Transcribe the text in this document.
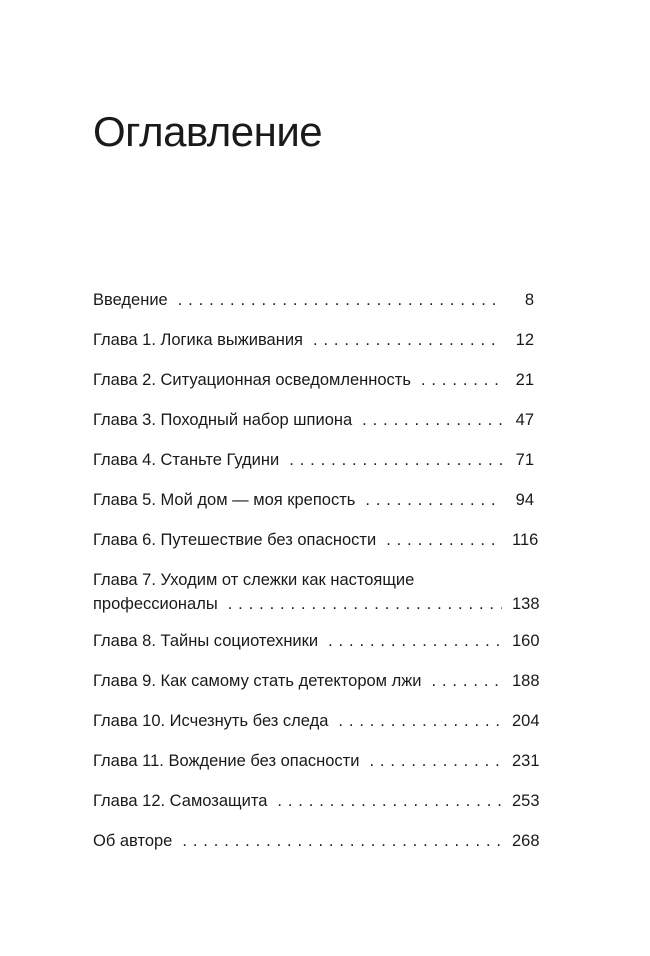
Оглавление
Введение . . .	8
Глава 1. Логика выживания . . .	12
Глава 2. Ситуационная осведомленность . . .	21
Глава 3. Походный набор шпиона . . .	47
Глава 4. Станьте Гудини . . .	71
Глава 5. Мой дом — моя крепость . . .	94
Глава 6. Путешествие без опасности . . .	116
Глава 7. Уходим от слежки как настоящие
профессионалы . . .	138
Глава 8. Тайны социотехники . . .	160
Глава 9. Как самому стать детектором лжи . . .	188
Глава 10. Исчезнуть без следа . . .	204
Глава 11. Вождение без опасности . . .	231
Глава 12. Самозащита . . .	253
Об авторе . . .	268
